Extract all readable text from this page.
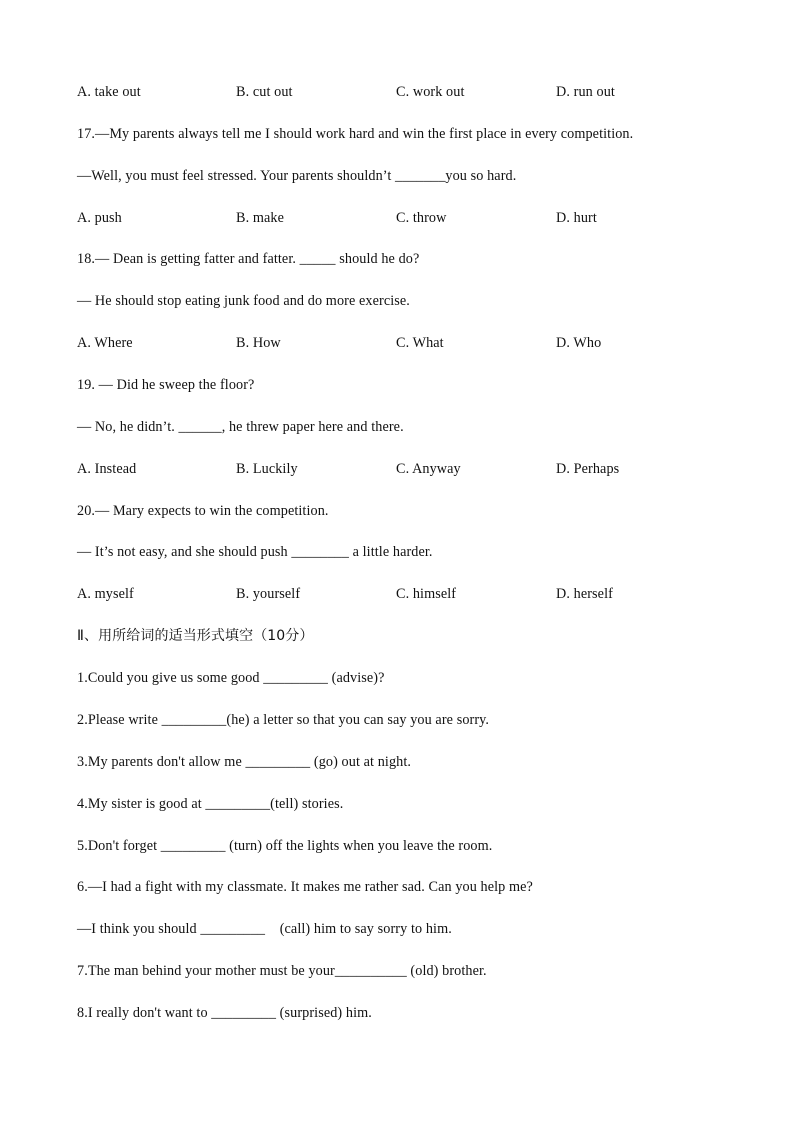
A. take out

	B. cut out

	C. work out

	D. run out

17.—My parents always tell me I should work hard and win the first place in every competition.
—Well, you must feel stressed. Your parents shouldn’t _______you so hard.

A. push

	B. make

	C. throw

	D. hurt

18.— Dean is getting fatter and fatter. _____ should he do?
— He should stop eating junk food and do more exercise.

A. Where

	B. How

	C. What

	D. Who

19. — Did he sweep the floor?
— No, he didn’t. ______, he threw paper here and there.

A. Instead

	B. Luckily

	C. Anyway

	D. Perhaps

20.— Mary expects to win the competition.
— It’s not easy, and she should push ________ a little harder.

A. myself

	B. yourself

	C. himself

	D. herself

Ⅱ、用所给词的适当形式填空（10分）
1.Could you give us some good _________ (advise)?
2.Please write _________(he) a letter so that you can say you are sorry.
3.My parents don't allow me _________ (go) out at night.
4.My sister is good at _________(tell) stories.
5.Don't forget _________ (turn) off the lights when you leave the room.
6.—I had a fight with my classmate. It makes me rather sad. Can you help me?
—I think you should _________    (call) him to say sorry to him.
7.The man behind your mother must be your__________ (old) brother.
8.I really don't want to _________ (surprised) him.
